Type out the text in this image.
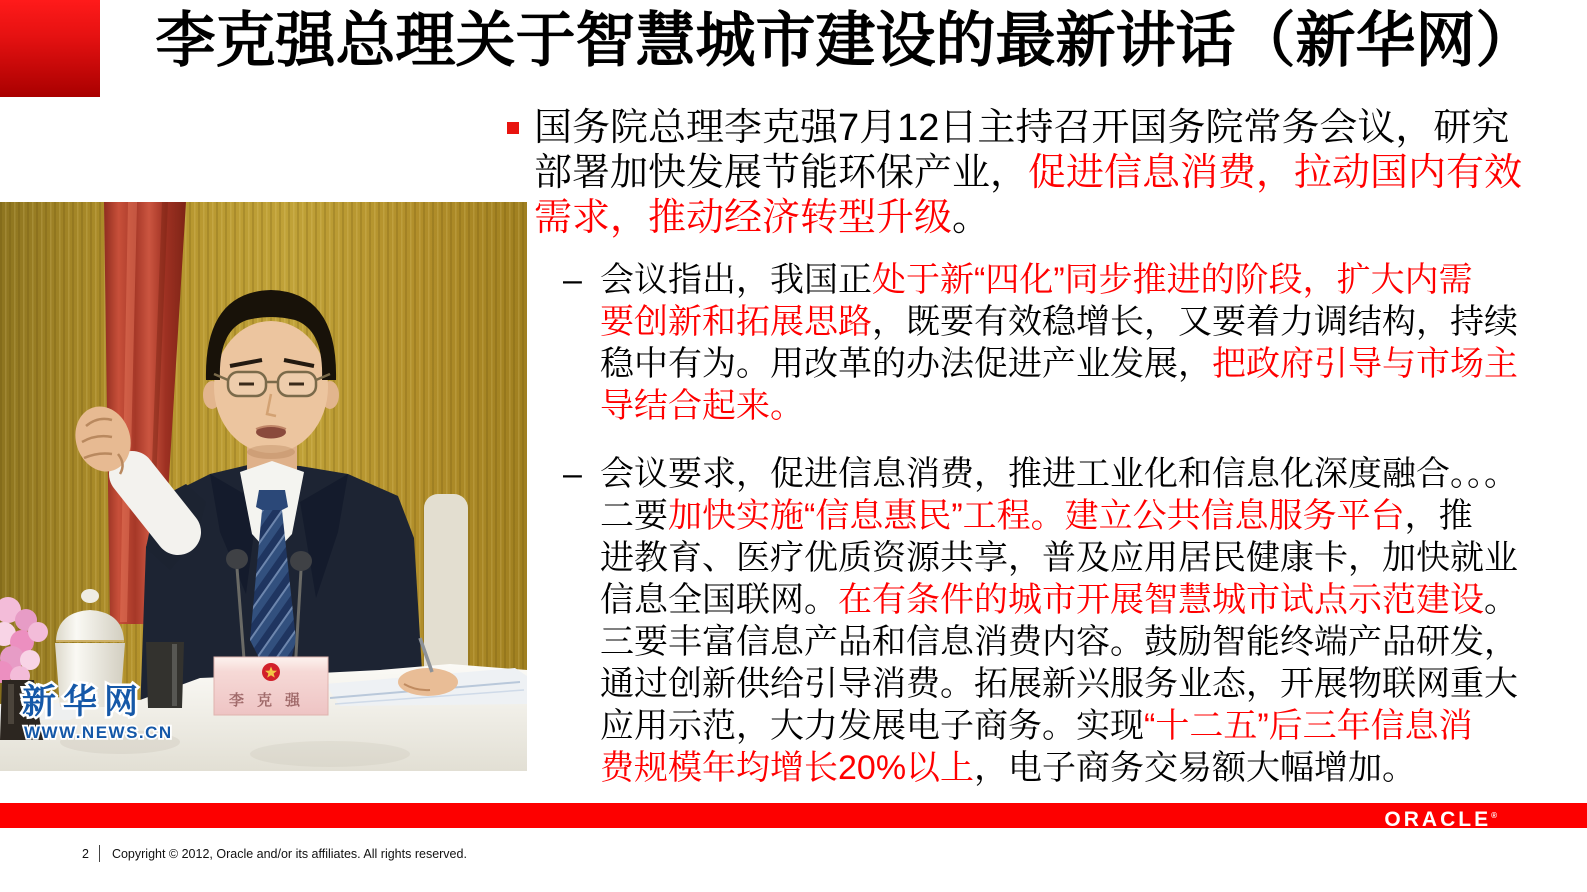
李克强总理关于智慧城市建设的最新讲话（新华网）
李克强
新华网
WWW.NEWS.CN
国务院总理李克强7月12日主持召开国务院常务会议，研究
部署加快发展节能环保产业，促进信息消费，拉动国内有效
需求，推动经济转型升级。
– 会议指出，我国正处于新“四化”同步推进的阶段，扩大内需
要创新和拓展思路，既要有效稳增长，又要着力调结构，持续
稳中有为。用改革的办法促进产业发展，把政府引导与市场主
导结合起来。
– 会议要求，促进信息消费，推进工业化和信息化深度融合。。。
二要加快实施“信息惠民”工程。建立公共信息服务平台，推
进教育、医疗优质资源共享，普及应用居民健康卡，加快就业
信息全国联网。在有条件的城市开展智慧城市试点示范建设。
三要丰富信息产品和信息消费内容。鼓励智能终端产品研发，
通过创新供给引导消费。拓展新兴服务业态，开展物联网重大
应用示范，大力发展电子商务。实现“十二五”后三年信息消
费规模年均增长20%以上，电子商务交易额大幅增加。
ORACLE®
2 Copyright © 2012, Oracle and/or its affiliates. All rights reserved.
